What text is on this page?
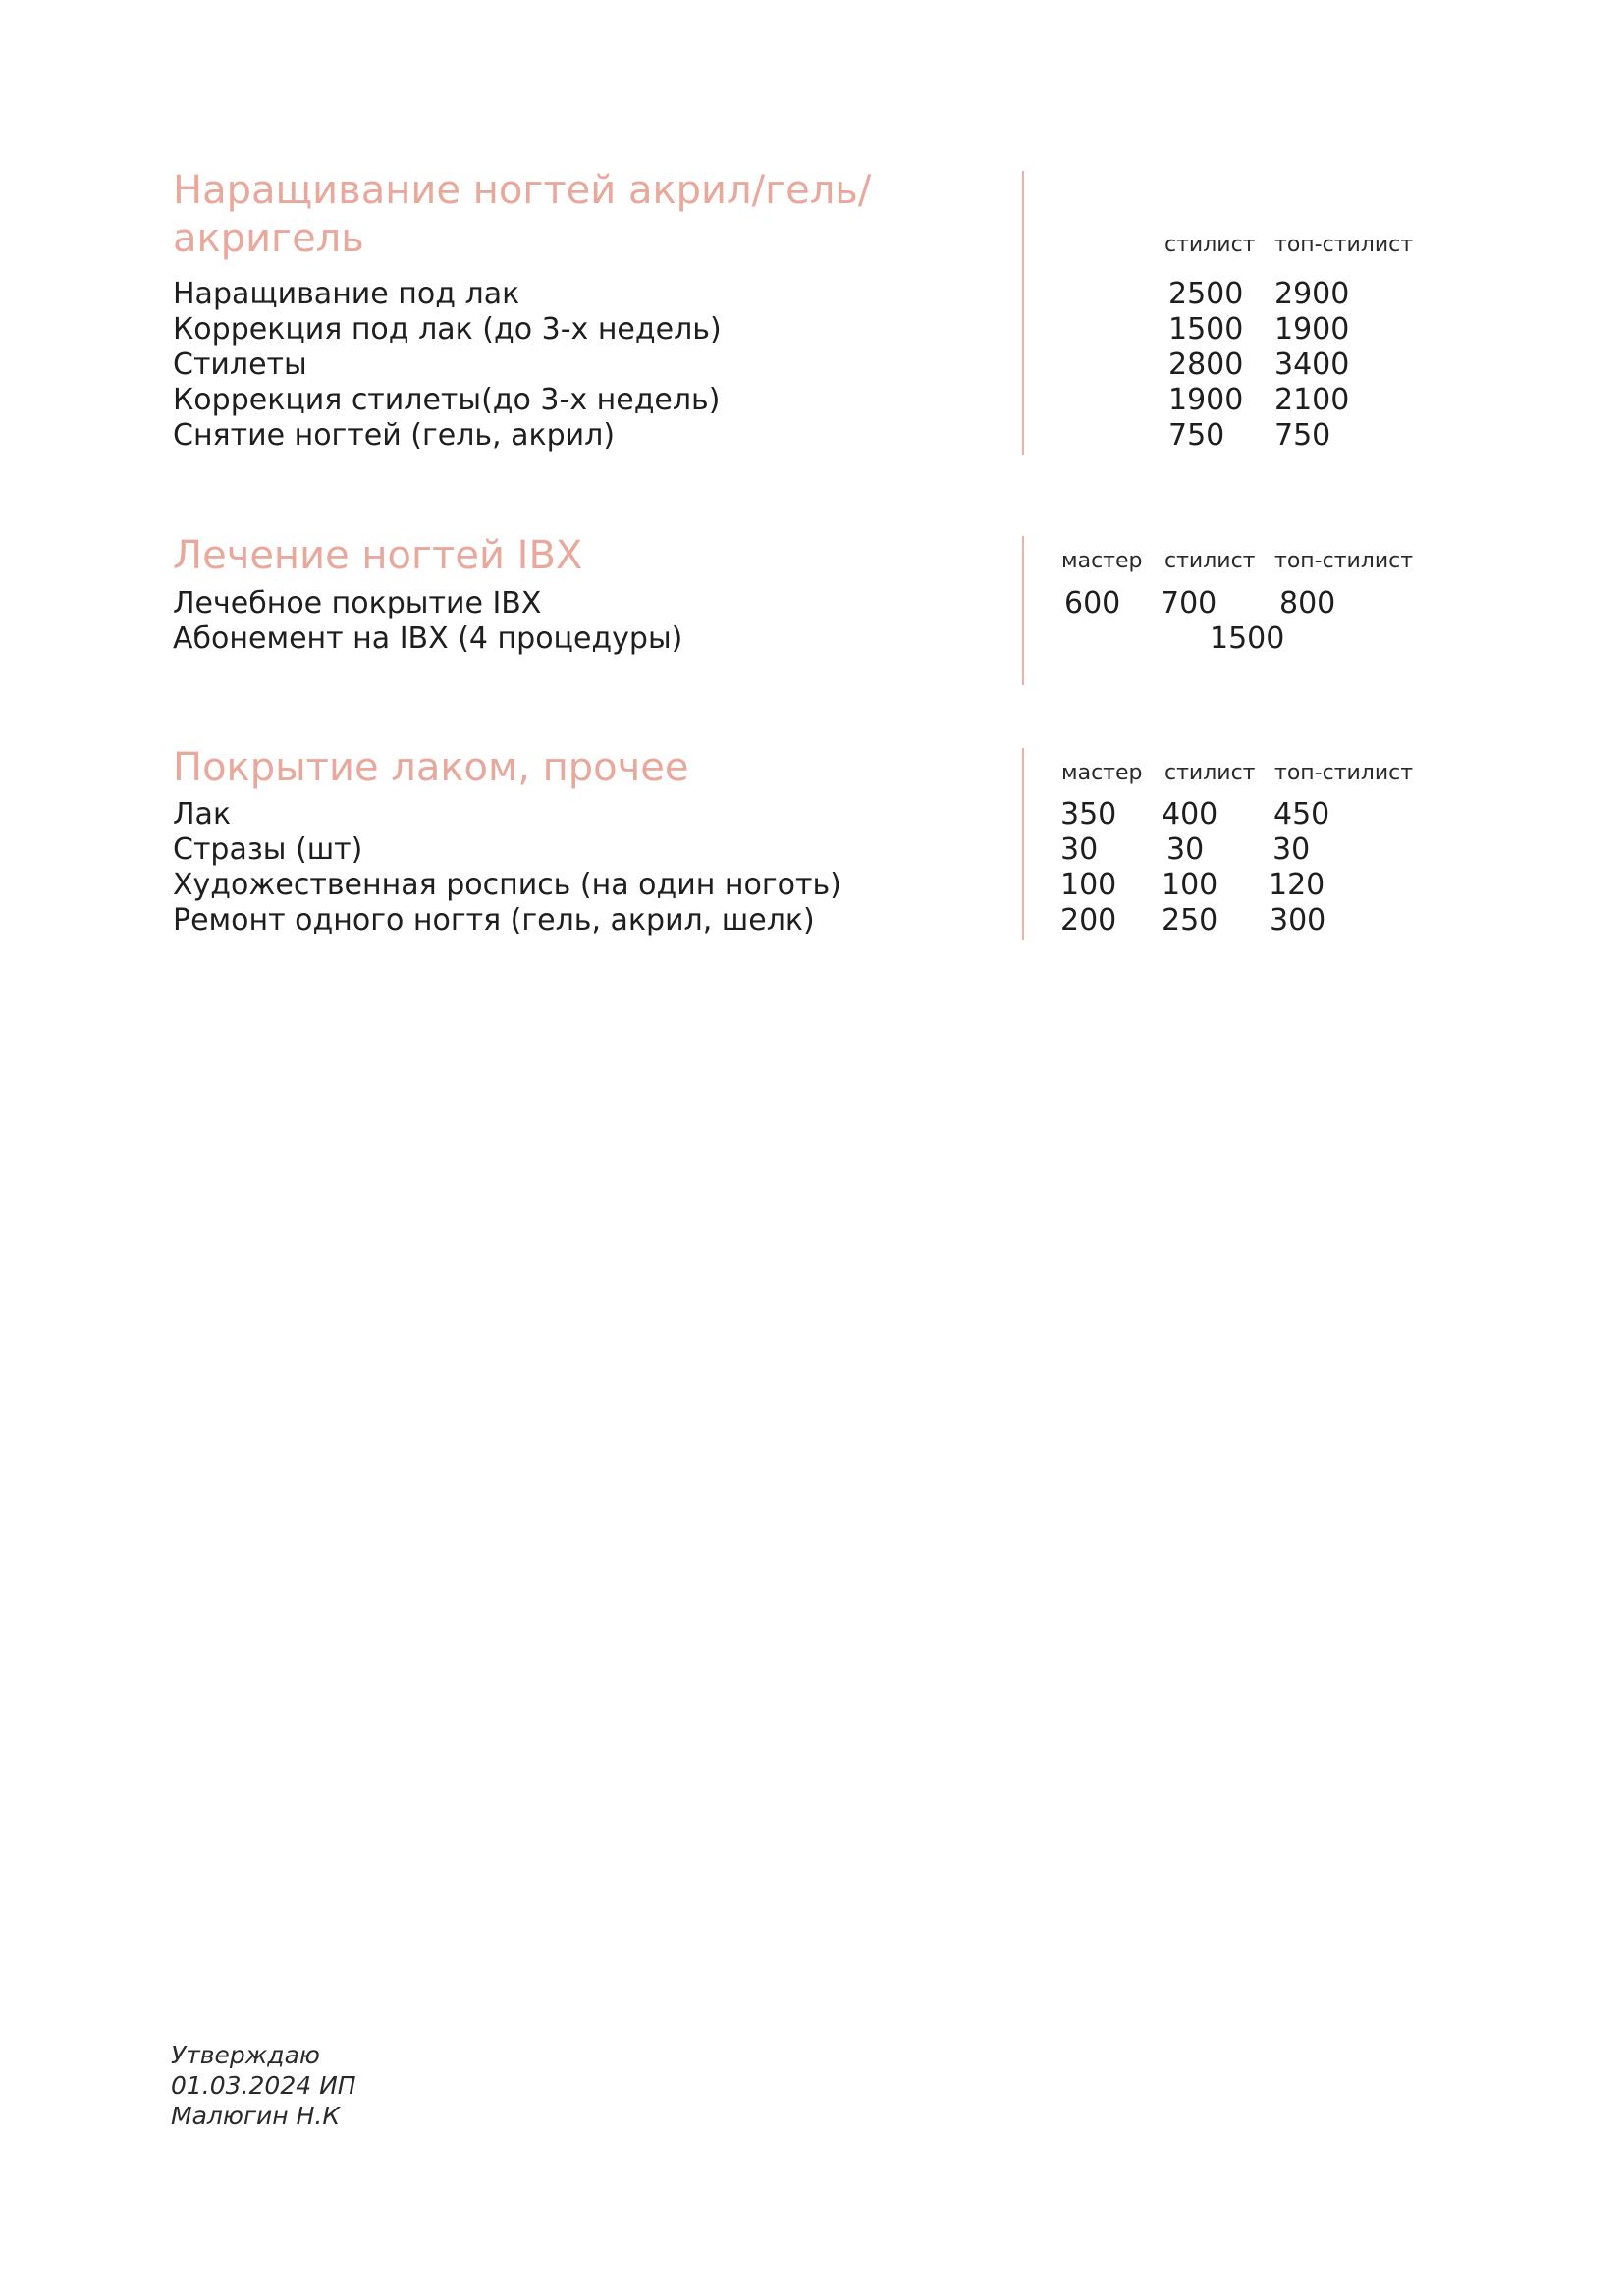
Наращивание ногтей акрил/гель/
акригель	стилист топ-стилист
Наращивание под лак	2500 2900
Коррекция под лак (до 3-х недель)	1500 1900
Стилеты	2800 3400
Коррекция стилеты(до 3-х недель)	1900 2100
Снятие ногтей (гель, акрил)	750 750
Лечение ногтей IBX	мастер стилист топ-стилист
Лечебное покрытие IBX	600 700 800
Абонемент на IBX (4 процедуры)	1500
Покрытие лаком, прочее	мастер стилист топ-стилист
Лак	350 400 450
Стразы (шт)	30 30 30
Художественная роспись (на один ноготь)	100 100 120
Ремонт одного ногтя (гель, акрил, шелк)	200 250 300
Утверждаю
01.03.2024 ИП
Малюгин Н.К
